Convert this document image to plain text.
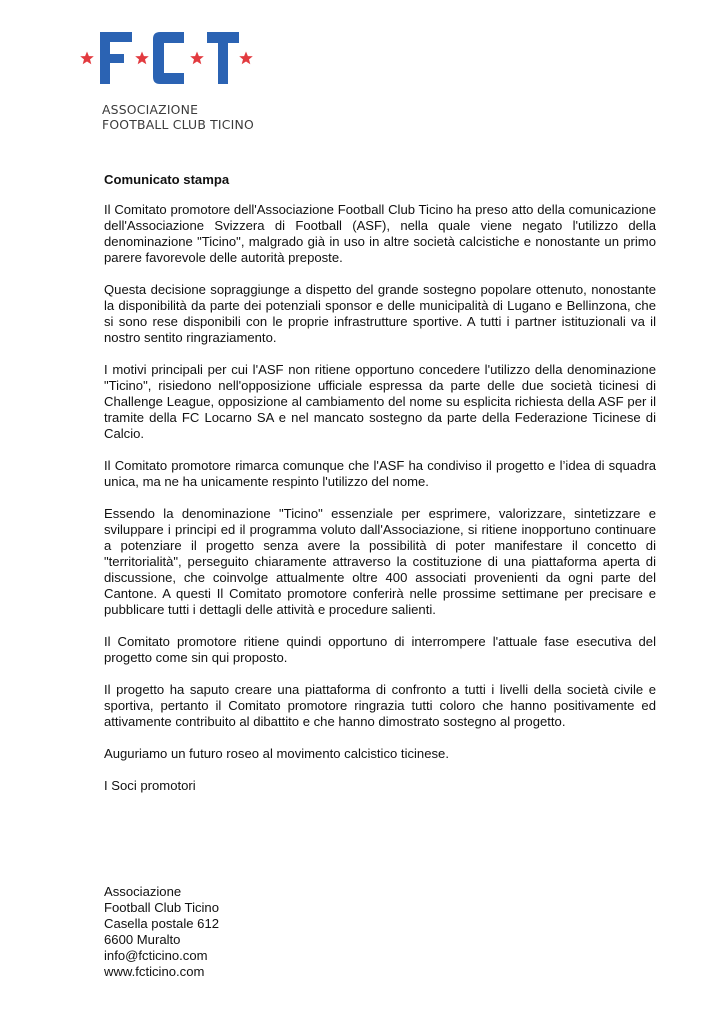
ASSOCIAZIONE
FOOTBALL CLUB TICINO
Comunicato stampa

Il Comitato promotore dell'Associazione Football Club Ticino ha preso atto della comunicazione dell'Associazione Svizzera di Football (ASF), nella quale viene negato l'utilizzo della denominazione "Ticino", malgrado già in uso in altre società calcistiche e nonostante un primo parere favorevole delle autorità preposte.

Questa decisione sopraggiunge a dispetto del grande sostegno popolare ottenuto, nonostante la disponibilità da parte dei potenziali sponsor e delle municipalità di Lugano e Bellinzona, che si sono rese disponibili con le proprie infrastrutture sportive. A tutti i partner istituzionali va il nostro sentito ringraziamento.

I motivi principali per cui l'ASF non ritiene opportuno concedere l'utilizzo della denominazione "Ticino", risiedono nell'opposizione ufficiale espressa da parte delle due società ticinesi di Challenge League, opposizione al cambiamento del nome su esplicita richiesta della ASF per il tramite della FC Locarno SA e nel mancato sostegno da parte della Federazione Ticinese di Calcio.

Il Comitato promotore rimarca comunque che l'ASF ha condiviso il progetto e l’idea di squadra unica, ma ne ha unicamente respinto l'utilizzo del nome.

Essendo la denominazione "Ticino" essenziale per esprimere, valorizzare, sintetizzare e sviluppare i principi ed il programma voluto dall'Associazione, si ritiene inopportuno continuare a potenziare il progetto senza avere la possibilità di poter manifestare il concetto di "territorialità", perseguito chiaramente attraverso la costituzione di una piattaforma aperta di discussione, che coinvolge attualmente oltre 400 associati provenienti da ogni parte del Cantone. A questi Il Comitato promotore conferirà nelle prossime settimane per precisare e pubblicare tutti i dettagli delle attività e procedure salienti.

Il Comitato promotore ritiene quindi opportuno di interrompere l'attuale fase esecutiva del progetto come sin qui proposto.

Il progetto ha saputo creare una piattaforma di confronto a tutti i livelli della società civile e sportiva, pertanto il Comitato promotore ringrazia tutti coloro che hanno positivamente ed attivamente contribuito al dibattito e che hanno dimostrato sostegno al progetto.

Auguriamo un futuro roseo al movimento calcistico ticinese.

I Soci promotori

Associazione
Football Club Ticino
Casella postale 612
6600 Muralto
info@fcticino.com
www.fcticino.com
